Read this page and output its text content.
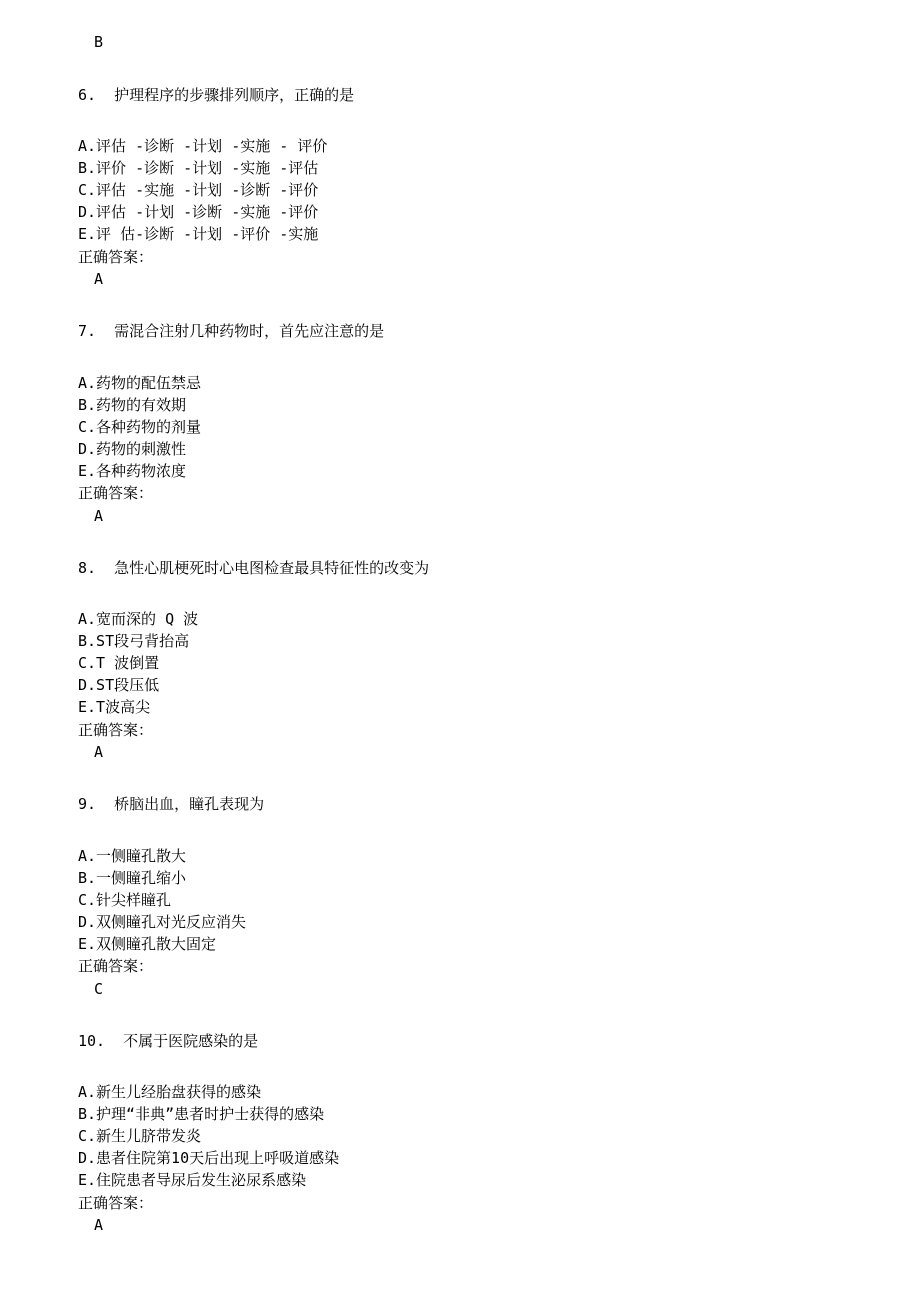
B
6.  护理程序的步骤排列顺序，正确的是
A.评估 -诊断 -计划 -实施 - 评价
B.评价 -诊断 -计划 -实施 -评估
C.评估 -实施 -计划 -诊断 -评价
D.评估 -计划 -诊断 -实施 -评价
E.评 估-诊断 -计划 -评价 -实施
正确答案：
A
7.  需混合注射几种药物时，首先应注意的是
A.药物的配伍禁忌
B.药物的有效期
C.各种药物的剂量
D.药物的刺激性
E.各种药物浓度
正确答案：
A
8.  急性心肌梗死时心电图检查最具特征性的改变为
A.宽而深的 Q 波
B.ST段弓背抬高
C.T 波倒置
D.ST段压低
E.T波高尖
正确答案：
A
9.  桥脑出血，瞳孔表现为
A.一侧瞳孔散大
B.一侧瞳孔缩小
C.针尖样瞳孔
D.双侧瞳孔对光反应消失
E.双侧瞳孔散大固定
正确答案：
C
10.  不属于医院感染的是
A.新生儿经胎盘获得的感染
B.护理“非典”患者时护士获得的感染
C.新生儿脐带发炎
D.患者住院第10天后出现上呼吸道感染
E.住院患者导尿后发生泌尿系感染
正确答案：
A
